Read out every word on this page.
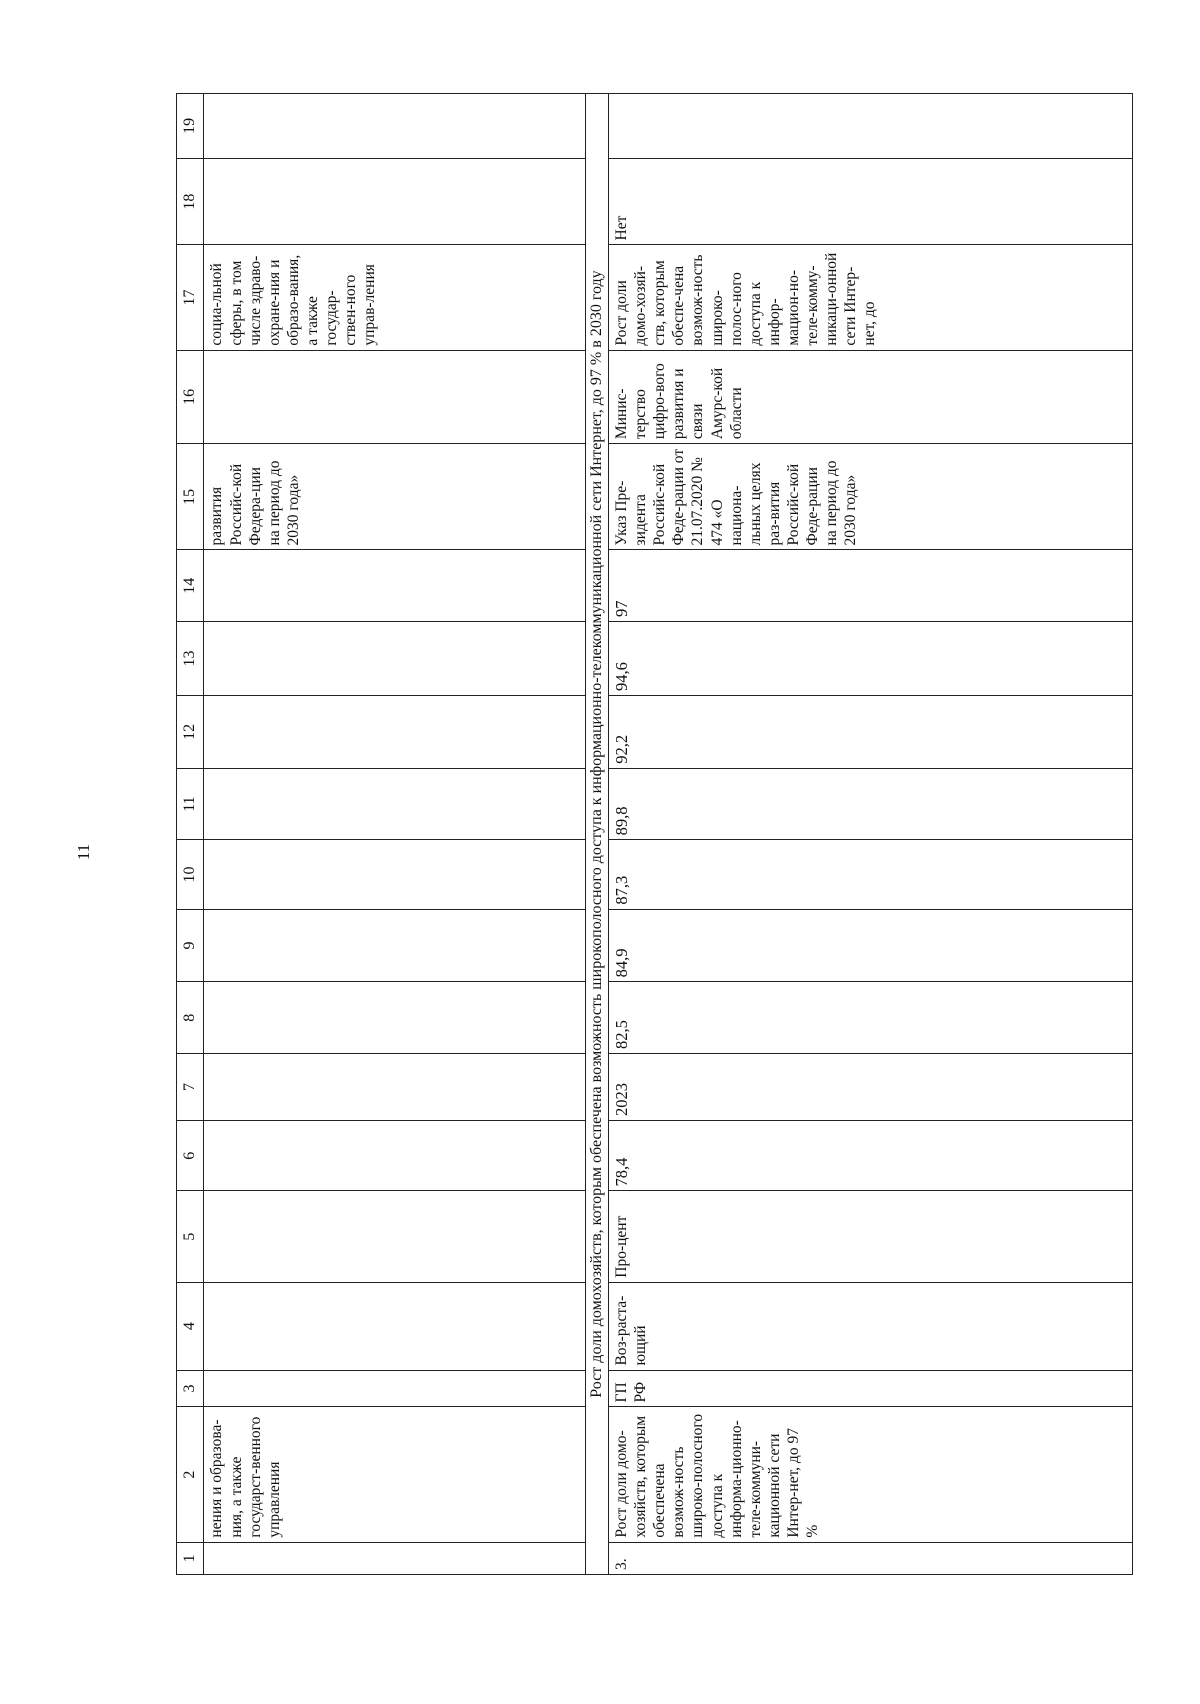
11
1	2	3	4	5	6	7	8	9	10	11	12	13	14	15	16	17	18	19
	нения и образова-ния, а также государст-венного управления													развития Российс-кой Федера-ции на период до 2030 года»		социа-льной сферы, в том числе здраво-охране-ния и образо-вания, а также государ-ствен-ного управ-ления		
Рост доли домохозяйств, которым обеспечена возможность широкополосного доступа к информационно-телекоммуникационной сети Интернет, до 97 % в 2030 году																		
3.	Рост доли домо-хозяйств, которым обеспечена возмож-ность широко-полосного доступа к информа-ционно-теле-коммуни-кационной сети Интер-нет, до 97 %	ГП РФ	Воз-раста-ющий	Про-цент	78,4	2023	82,5	84,9	87,3	89,8	92,2	94,6	97	Указ Пре-зидента Российс-кой Феде-рации от 21.07.2020 № 474 «О национа-льных целях раз-вития Российс-кой Феде-рации на период до 2030 года»	Минис-терство цифро-вого развития и связи Амурс-кой области	Рост доли домо-хозяй-ств, которым обеспе-чена возмож-ность широко-полос-ного доступа к инфор-мацион-но-теле-комму-никаци-онной сети Интер-нет, до	Нет	
